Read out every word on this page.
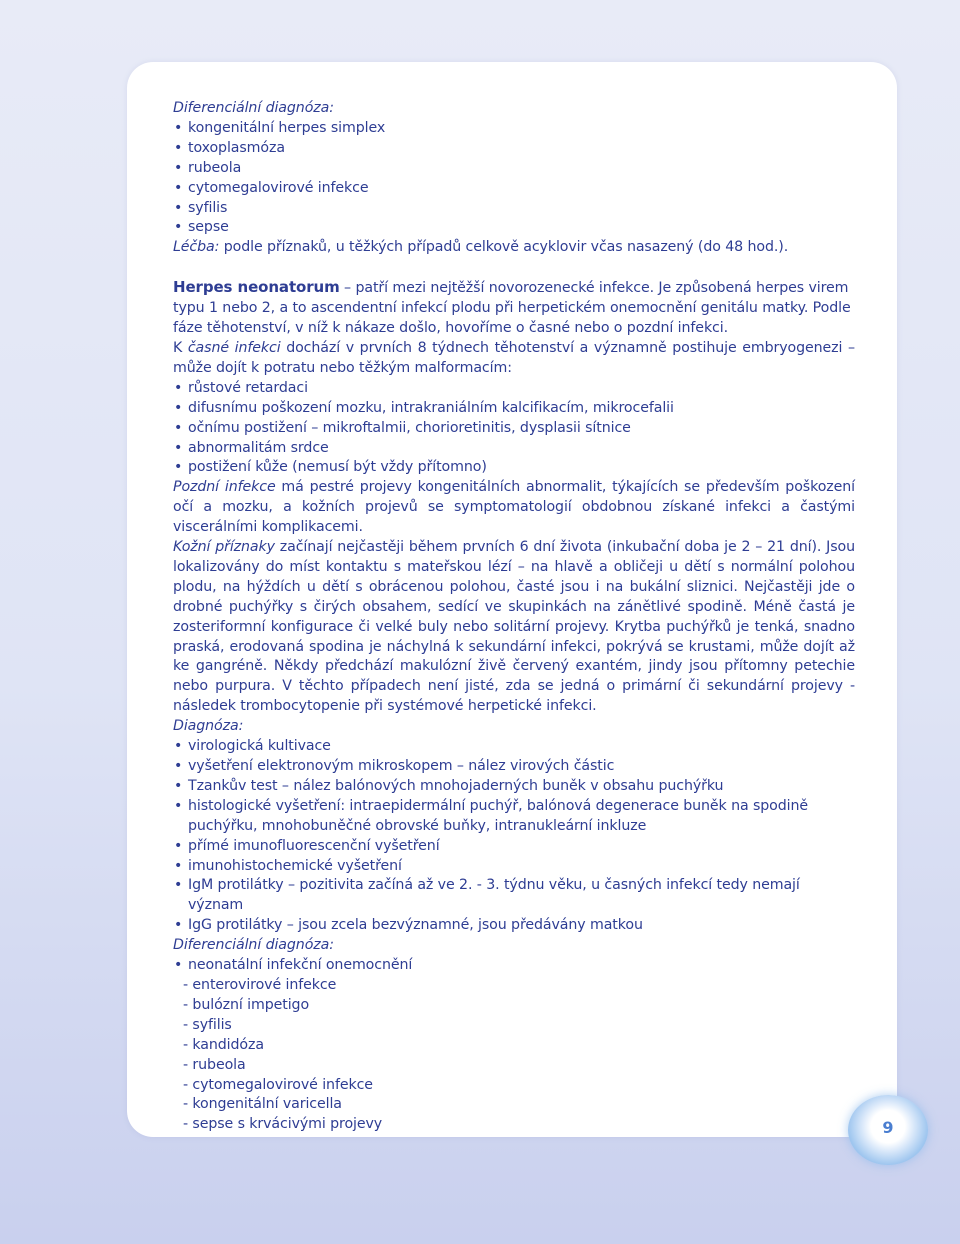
Diferenciální diagnóza:

• kongenitální herpes simplex
• toxoplasmóza
• rubeola
• cytomegalovirové infekce
• syfilis
• sepse

Léčba: podle příznaků, u těžkých případů celkově acyklovir včas nasazený (do 48 hod.).

Herpes neonatorum – patří mezi nejtěžší novorozenecké infekce. Je způsobená herpes virem typu 1 nebo 2, a to ascendentní infekcí plodu při herpetickém onemocnění genitálu matky. Podle fáze těhotenství, v níž k nákaze došlo, hovoříme o časné nebo o pozdní infekci.

K časné infekci dochází v prvních 8 týdnech těhotenství a významně postihuje embryogenezi – může dojít k potratu nebo těžkým malformacím:

• růstové retardaci
• difusnímu poškození mozku, intrakraniálním kalcifikacím, mikrocefalii
• očnímu postižení – mikroftalmii, chorioretinitis, dysplasii sítnice
• abnormalitám srdce
• postižení kůže (nemusí být vždy přítomno)

Pozdní infekce má pestré projevy kongenitálních abnormalit, týkajících se především poškození očí a mozku, a kožních projevů se symptomatologií obdobnou získané infekci a častými viscerálními komplikacemi.

Kožní příznaky začínají nejčastěji během prvních 6 dní života (inkubační doba je 2 – 21 dní). Jsou lokalizovány do míst kontaktu s mateřskou lézí – na hlavě a obličeji u dětí s normální polohou plodu, na hýždích u dětí s obrácenou polohou, časté jsou i na bukální sliznici. Nejčastěji jde o drobné puchýřky s čirých obsahem, sedící ve skupinkách na zánětlivé spodině. Méně častá je zosteriformní konfigurace či velké buly nebo solitární projevy. Krytba puchýřků je tenká, snadno praská, erodovaná spodina je náchylná k sekundární infekci, pokrývá se krustami, může dojít až ke gangréně. Někdy předchází makulózní živě červený exantém, jindy jsou přítomny petechie nebo purpura. V těchto případech není jisté, zda se jedná o primární či sekundární projevy - následek trombocytopenie při systémové herpetické infekci.

Diagnóza:

• virologická kultivace
• vyšetření elektronovým mikroskopem – nález virových částic
• Tzankův test – nález balónových mnohojaderných buněk v obsahu puchýřku
• histologické vyšetření: intraepidermální puchýř, balónová degenerace buněk na spodině puchýřku, mnohobuněčné obrovské buňky, intranukleární inkluze
• přímé imunofluorescenční vyšetření
• imunohistochemické vyšetření
• IgM protilátky – pozitivita začíná až ve 2. - 3. týdnu věku, u časných infekcí tedy nemají význam
• IgG protilátky – jsou zcela bezvýznamné, jsou předávány matkou

Diferenciální diagnóza:

• neonatální infekční onemocnění
- enterovirové infekce
- bulózní impetigo
- syfilis
- kandidóza
- rubeola
- cytomegalovirové infekce
- kongenitální varicella
- sepse s krvácivými projevy	9
